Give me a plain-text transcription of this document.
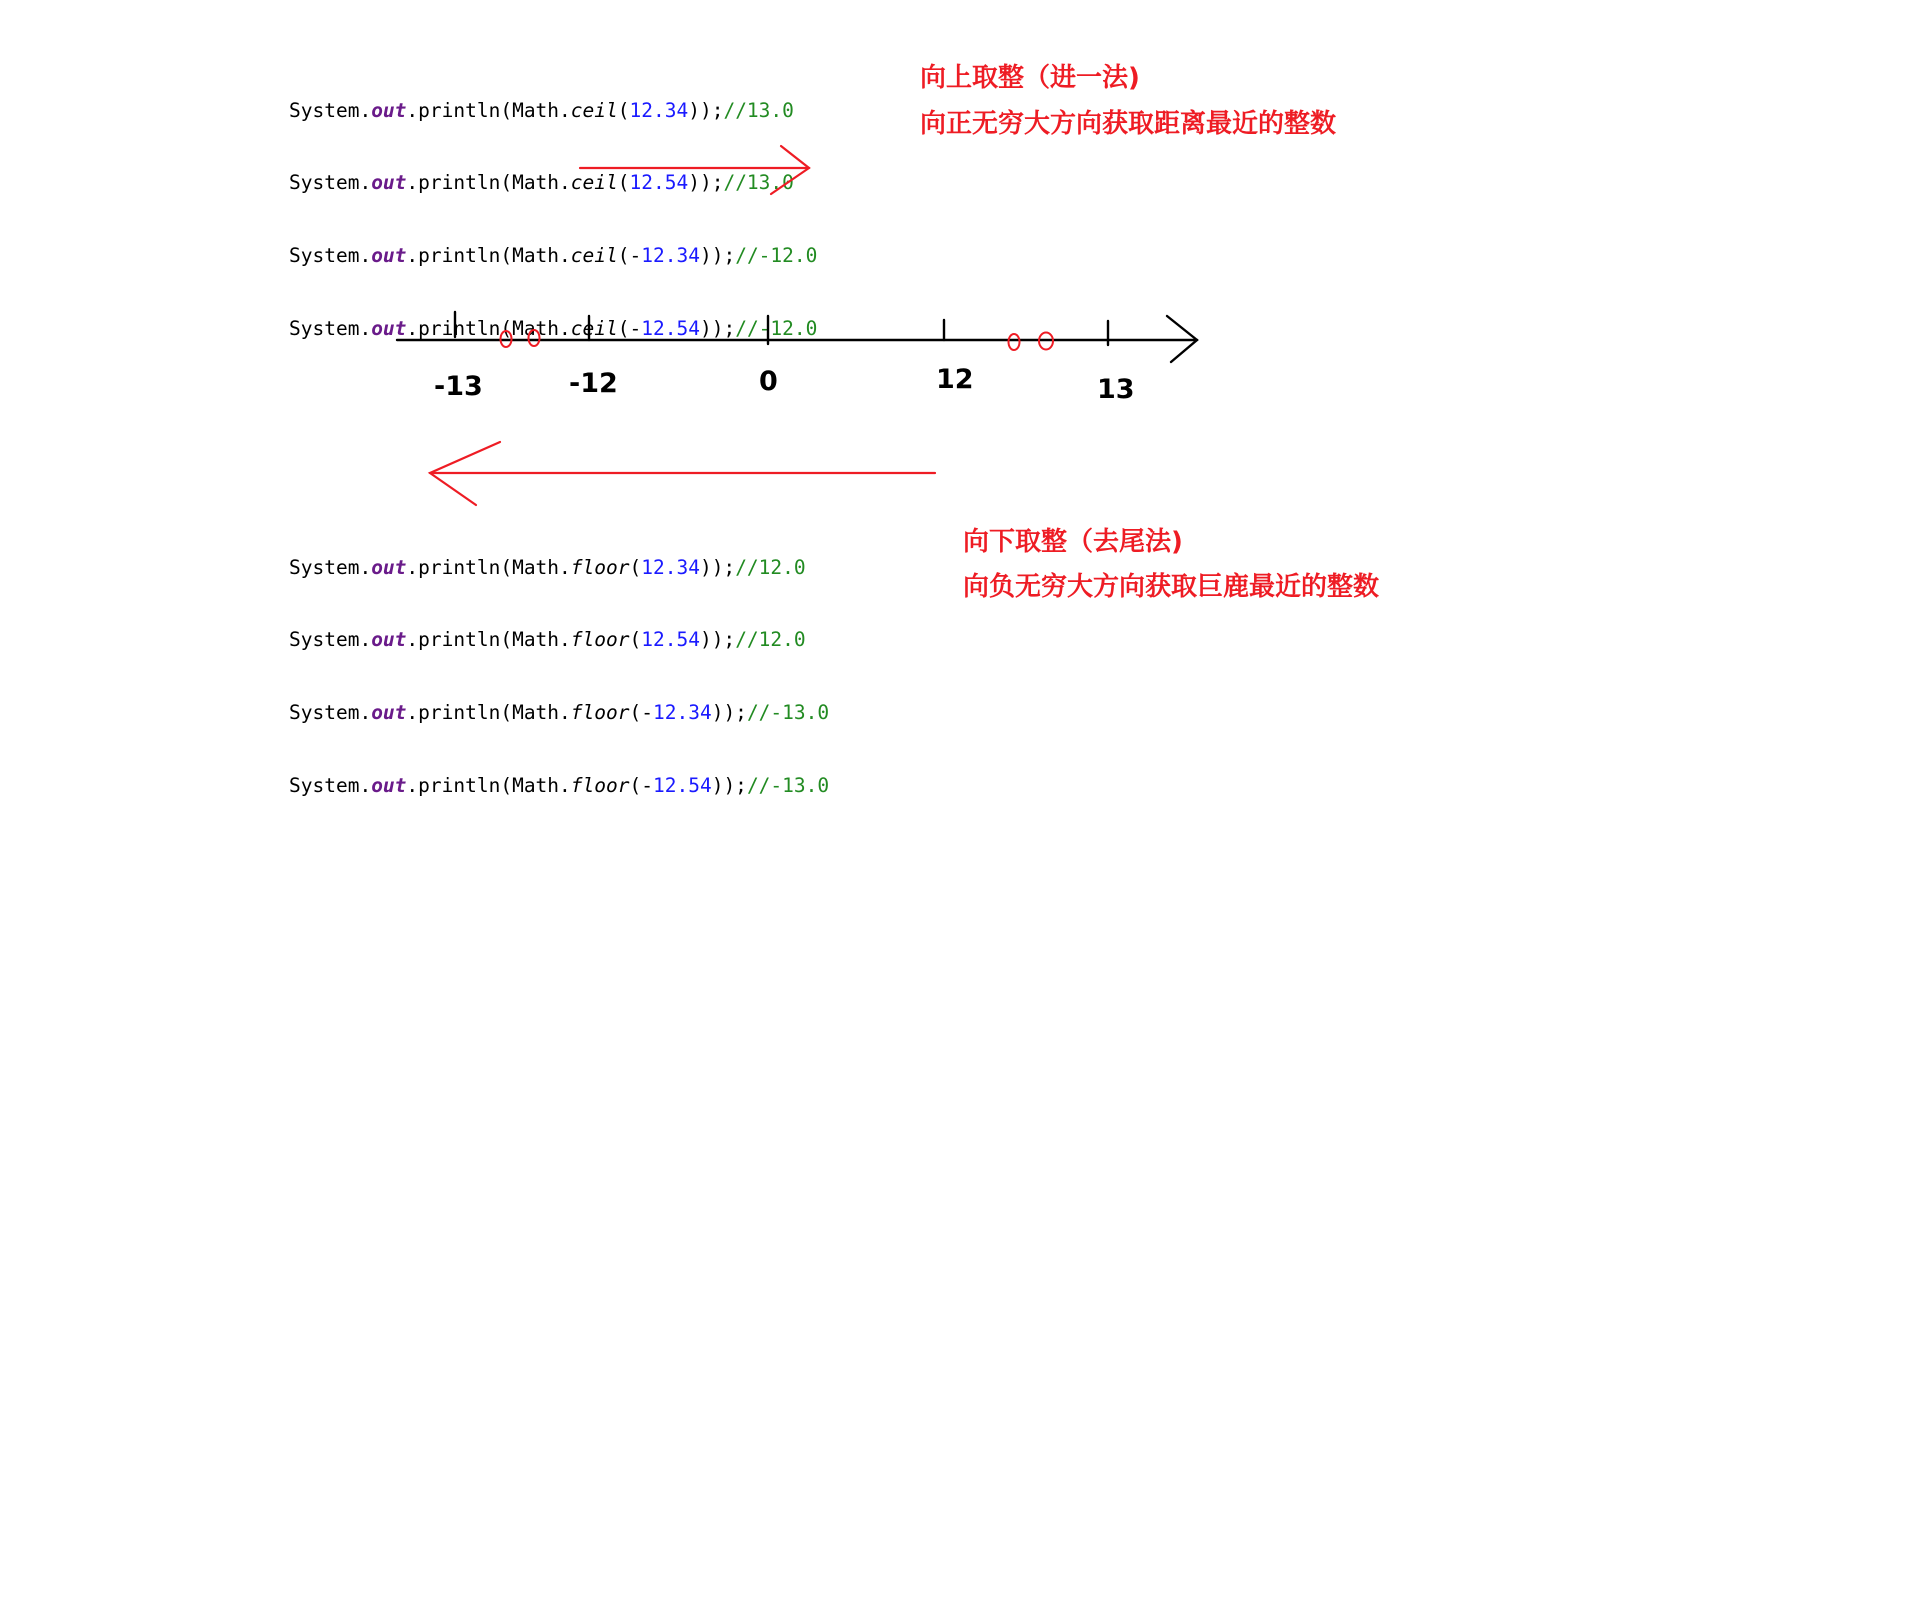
System.out.println(Math.ceil(12.34));//13.0

System.out.println(Math.ceil(12.54));//13.0

System.out.println(Math.ceil(-12.34));//-12.0

System.out.println(Math.ceil(-12.54));//-12.0

向上取整（进一法)
向正无穷大方向获取距离最近的整数
-13	-12	0	12	13

System.out.println(Math.floor(12.34));//12.0

System.out.println(Math.floor(12.54));//12.0

System.out.println(Math.floor(-12.34));//-13.0

System.out.println(Math.floor(-12.54));//-13.0

向下取整（去尾法)
向负无穷大方向获取巨鹿最近的整数
